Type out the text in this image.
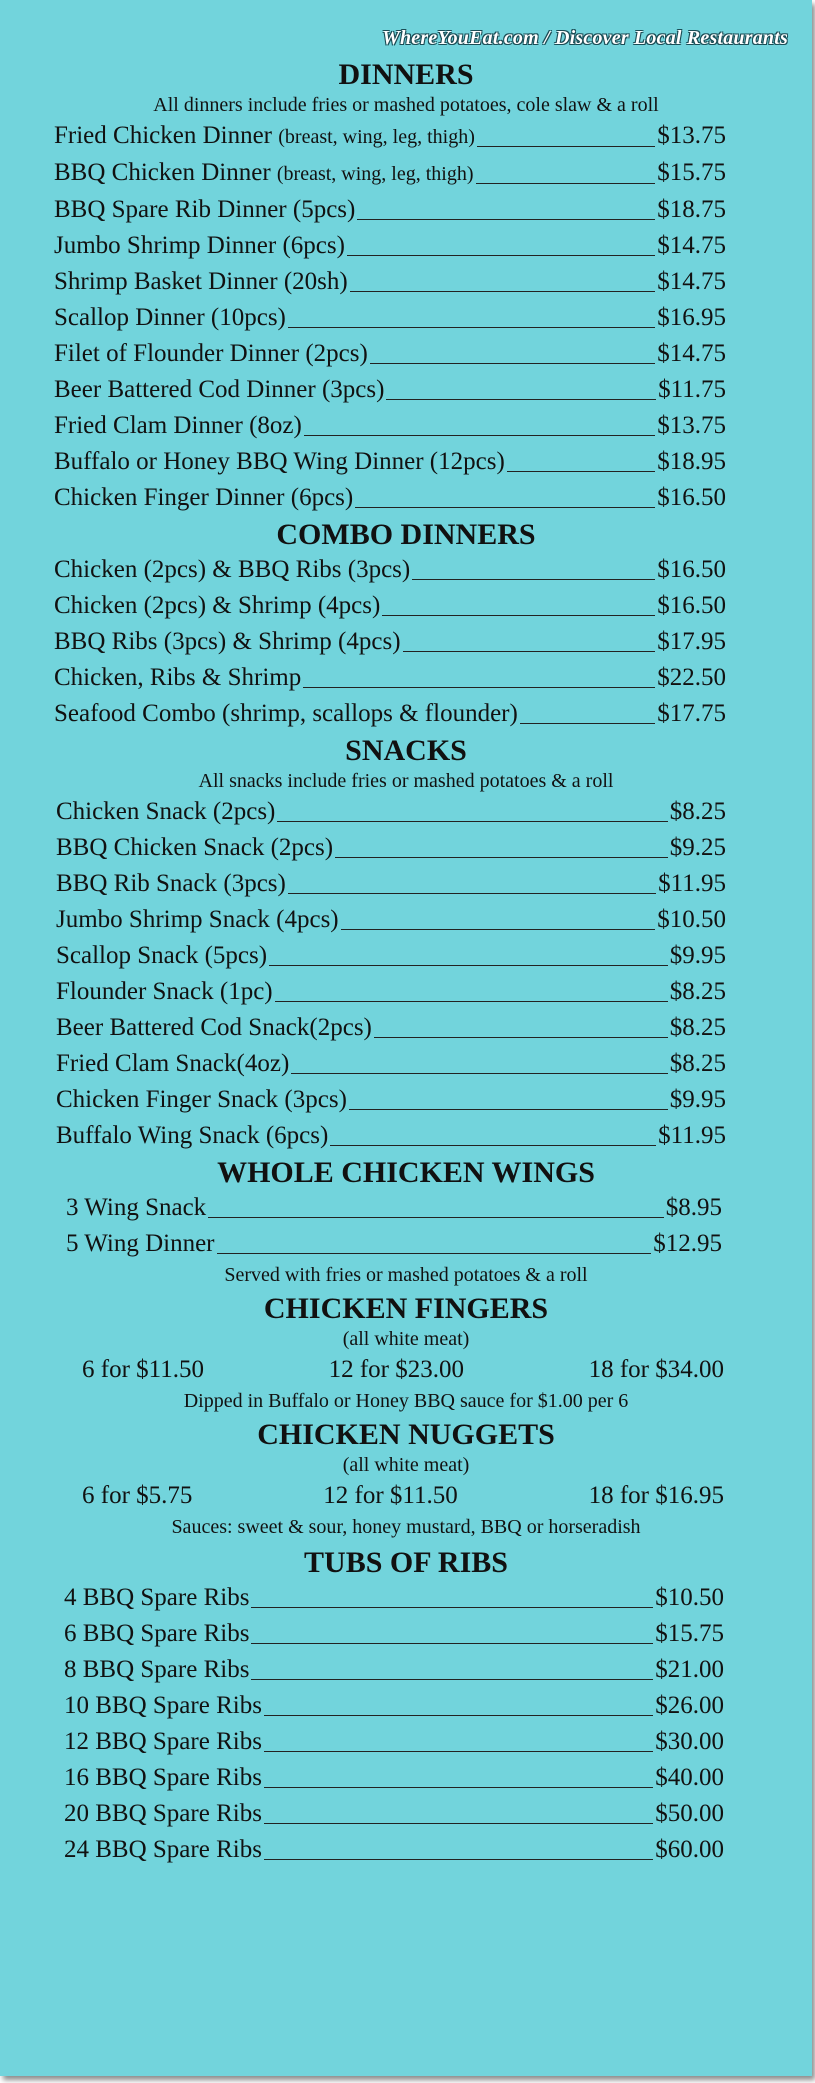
WhereYouEat.com / Discover Local Restaurants
DINNERS
All dinners include fries or mashed potatoes, cole slaw & a roll
Fried Chicken Dinner (breast, wing, leg, thigh)	$13.75
BBQ Chicken Dinner (breast, wing, leg, thigh)	$15.75
BBQ Spare Rib Dinner (5pcs)	$18.75
Jumbo Shrimp Dinner (6pcs)	$14.75
Shrimp Basket Dinner (20sh)	$14.75
Scallop Dinner (10pcs)	$16.95
Filet of Flounder Dinner (2pcs)	$14.75
Beer Battered Cod Dinner (3pcs)	$11.75
Fried Clam Dinner (8oz)	$13.75
Buffalo or Honey BBQ Wing Dinner (12pcs)	$18.95
Chicken Finger Dinner (6pcs)	$16.50
COMBO DINNERS
Chicken (2pcs) & BBQ Ribs (3pcs)	$16.50
Chicken (2pcs) & Shrimp (4pcs)	$16.50
BBQ Ribs (3pcs) & Shrimp (4pcs)	$17.95
Chicken, Ribs & Shrimp	$22.50
Seafood Combo (shrimp, scallops & flounder)	$17.75
SNACKS
All snacks include fries or mashed potatoes & a roll
Chicken Snack (2pcs)	$8.25
BBQ Chicken Snack (2pcs)	$9.25
BBQ Rib Snack (3pcs)	$11.95
Jumbo Shrimp Snack (4pcs)	$10.50
Scallop Snack (5pcs)	$9.95
Flounder Snack (1pc)	$8.25
Beer Battered Cod Snack(2pcs)	$8.25
Fried Clam Snack(4oz)	$8.25
Chicken Finger Snack (3pcs)	$9.95
Buffalo Wing Snack (6pcs)	$11.95
WHOLE CHICKEN WINGS
3 Wing Snack	$8.95
5 Wing Dinner	$12.95
Served with fries or mashed potatoes & a roll
CHICKEN FINGERS
(all white meat)
6 for $11.50	12 for $23.00	18 for $34.00
Dipped in Buffalo or Honey BBQ sauce for $1.00 per 6
CHICKEN NUGGETS
(all white meat)
6 for $5.75	12 for $11.50	18 for $16.95
Sauces: sweet & sour, honey mustard, BBQ or horseradish
TUBS OF RIBS
4 BBQ Spare Ribs	$10.50
6 BBQ Spare Ribs	$15.75
8 BBQ Spare Ribs	$21.00
10 BBQ Spare Ribs	$26.00
12 BBQ Spare Ribs	$30.00
16 BBQ Spare Ribs	$40.00
20 BBQ Spare Ribs	$50.00
24 BBQ Spare Ribs	$60.00
